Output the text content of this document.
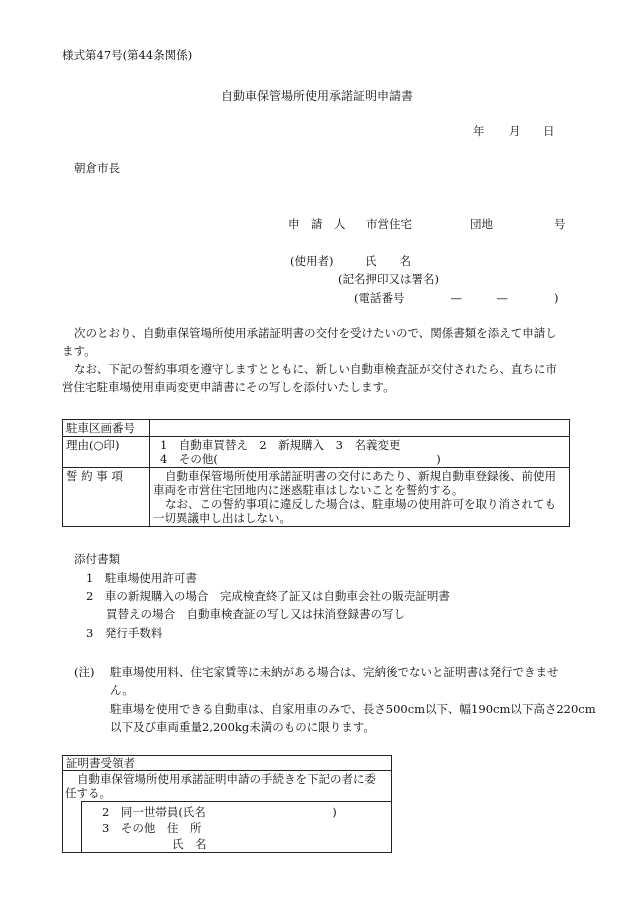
様式第47号(第44条関係)
自動車保管場所使用承諾証明申請書
年 月 日
朝倉市長
申　請　人 市営住宅	団地	号
(使用者)	氏　　名
(記名押印又は署名)
(電話番号　　　　—　　　—　　　　)
次のとおり、自動車保管場所使用承諾証明書の交付を受けたいので、関係書類を添えて申請し
ます。
なお、下記の誓約事項を遵守しますとともに、新しい自動車検査証が交付されたら、直ちに市
営住宅駐車場使用車両変更申請書にその写しを添付いたします。
駐車区画番号	
理由(○印)	1　自動車買替え　2　新規購入　3　名義変更
4　その他(　　　　　　　　　　　　　　　　　　　)

誓 約 事 項	自動車保管場所使用承諾証明書の交付にあたり、新規自動車登録後、前使用
車両を市営住宅団地内に迷惑駐車はしないことを誓約する。
なお、この誓約事項に違反した場合は、駐車場の使用許可を取り消されても
一切異議申し出はしない。
添付書類
1　駐車場使用許可書
2　車の新規購入の場合　完成検査終了証又は自動車会社の販売証明書
買替えの場合　自動車検査証の写し又は抹消登録書の写し
3　発行手数料
(注) 駐車場使用料、住宅家賃等に未納がある場合は、完納後でないと証明書は発行できませ
ん。
駐車場を使用できる自動車は、自家用車のみで、長さ500cm以下、幅190cm以下高さ220cm
以下及び車両重量2,200kg未満のものに限ります。
証明書受領者
自動車保管場所使用承諾証明申請の手続きを下記の者に委
任する。
2　同一世帯員(氏名　　　　　　　　　　　)
3　その他　住　所
氏　名
